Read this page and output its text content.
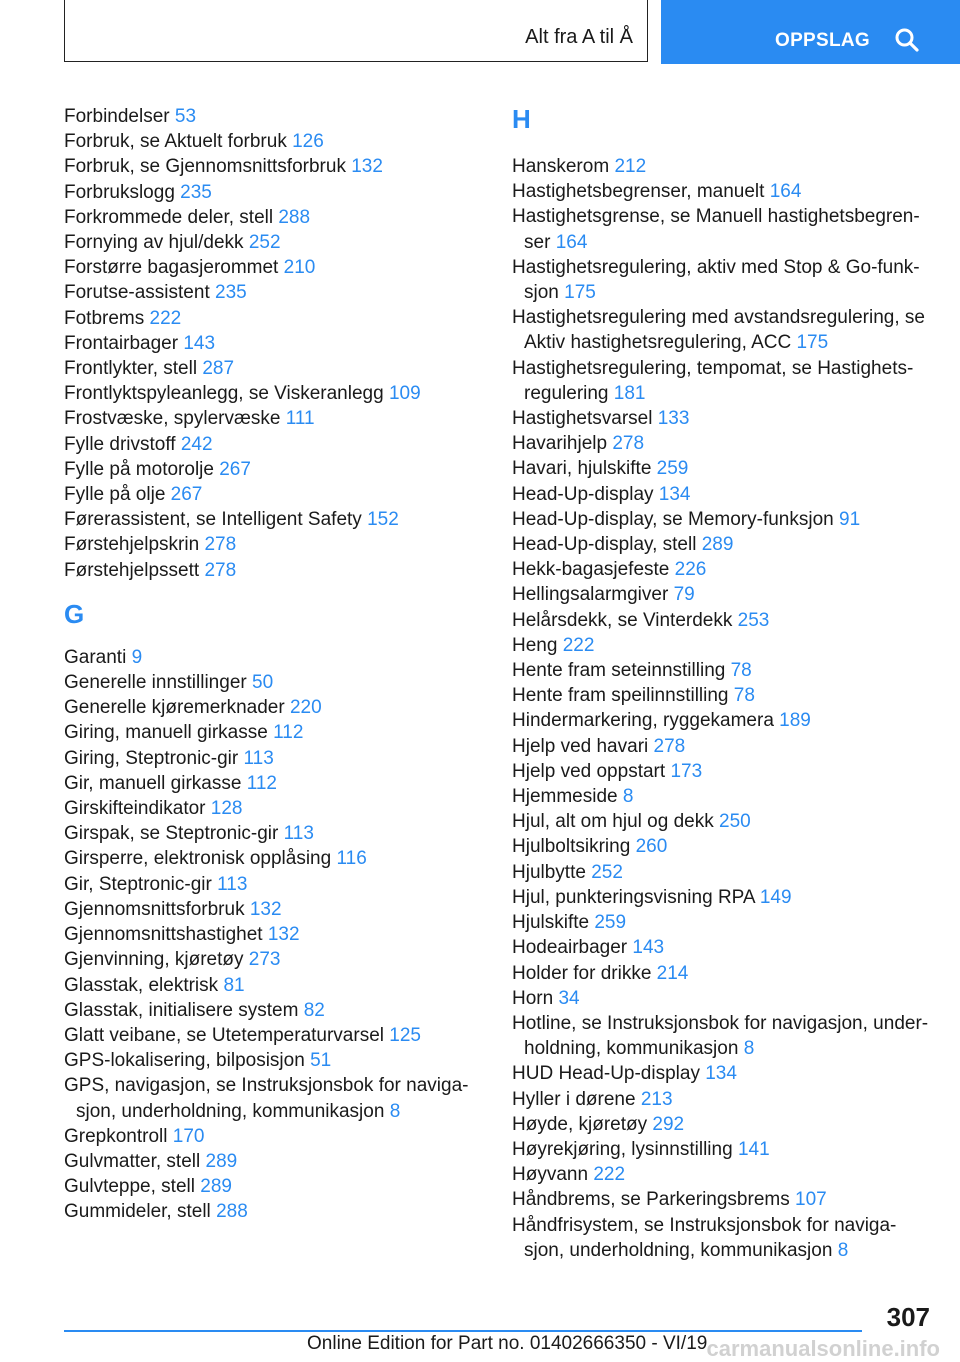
Alt fra A til Å	OPPSLAG
Forbindelser 53
Forbruk, se Aktuelt forbruk 126
Forbruk, se Gjennomsnittsforbruk 132
Forbrukslogg 235
Forkrommede deler, stell 288
Fornying av hjul/dekk 252
Forstørre bagasjerommet 210
Forutse-assistent 235
Fotbrems 222
Frontairbager 143
Frontlykter, stell 287
Frontlyktspyleanlegg, se Viskeranlegg 109
Frostvæske, spylervæske 111
Fylle drivstoff 242
Fylle på motorolje 267
Fylle på olje 267
Førerassistent, se Intelligent Safety 152
Førstehjelpskrin 278
Førstehjelpssett 278
G
Garanti 9
Generelle innstillinger 50
Generelle kjøremerknader 220
Giring, manuell girkasse 112
Giring, Steptronic-gir 113
Gir, manuell girkasse 112
Girskifteindikator 128
Girspak, se Steptronic-gir 113
Girsperre, elektronisk opplåsing 116
Gir, Steptronic-gir 113
Gjennomsnittsforbruk 132
Gjennomsnittshastighet 132
Gjenvinning, kjøretøy 273
Glasstak, elektrisk 81
Glasstak, initialisere system 82
Glatt veibane, se Utetemperaturvarsel 125
GPS-lokalisering, bilposisjon 51
GPS, navigasjon, se Instruksjonsbok for naviga-
sjon, underholdning, kommunikasjon 8
Grepkontroll 170
Gulvmatter, stell 289
Gulvteppe, stell 289
Gummideler, stell 288
H
Hanskerom 212
Hastighetsbegrenser, manuelt 164
Hastighetsgrense, se Manuell hastighetsbegren-
ser 164
Hastighetsregulering, aktiv med Stop & Go-funk-
sjon 175
Hastighetsregulering med avstandsregulering, se
Aktiv hastighetsregulering, ACC 175
Hastighetsregulering, tempomat, se Hastighets-
regulering 181
Hastighetsvarsel 133
Havarihjelp 278
Havari, hjulskifte 259
Head-Up-display 134
Head-Up-display, se Memory-funksjon 91
Head-Up-display, stell 289
Hekk-bagasjefeste 226
Hellingsalarmgiver 79
Helårsdekk, se Vinterdekk 253
Heng 222
Hente fram seteinnstilling 78
Hente fram speilinnstilling 78
Hindermarkering, ryggekamera 189
Hjelp ved havari 278
Hjelp ved oppstart 173
Hjemmeside 8
Hjul, alt om hjul og dekk 250
Hjulboltsikring 260
Hjulbytte 252
Hjul, punkteringsvisning RPA 149
Hjulskifte 259
Hodeairbager 143
Holder for drikke 214
Horn 34
Hotline, se Instruksjonsbok for navigasjon, under-
holdning, kommunikasjon 8
HUD Head-Up-display 134
Hyller i dørene 213
Høyde, kjøretøy 292
Høyrekjøring, lysinnstilling 141
Høyvann 222
Håndbrems, se Parkeringsbrems 107
Håndfrisystem, se Instruksjonsbok for naviga-
sjon, underholdning, kommunikasjon 8
307
Online Edition for Part no. 01402666350 - VI/19 carmanualsonline.info
